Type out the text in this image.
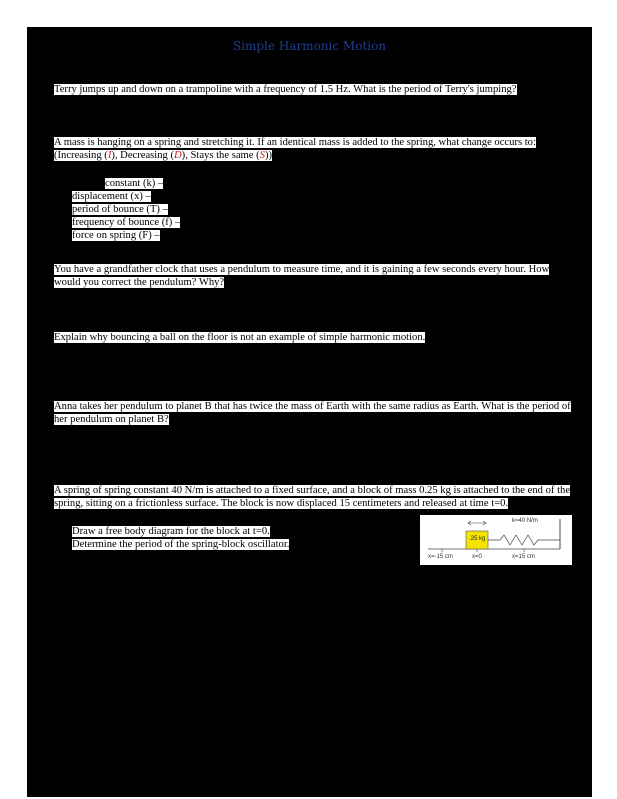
Simple Harmonic Motion
Terry jumps up and down on a trampoline with a frequency of 1.5 Hz. What is the period of Terry's jumping?
A mass is hanging on a spring and stretching it. If an identical mass is added to the spring, what change occurs to: (Increasing (I), Decreasing (D), Stays the same (S))
constant (k) –
displacement (x) –
period of bounce (T) –
frequency of bounce (f) –
force on spring (F) –
You have a grandfather clock that uses a pendulum to measure time, and it is gaining a few seconds every hour. How would you correct the pendulum? Why?
Explain why bouncing a ball on the floor is not an example of simple harmonic motion.
Anna takes her pendulum to planet B that has twice the mass of Earth with the same radius as Earth. What is the period of her pendulum on planet B?
A spring of spring constant 40 N/m is attached to a fixed surface, and a block of mass 0.25 kg is attached to the end of the spring, sitting on a frictionless surface. The block is now displaced 15 centimeters and released at time t=0.
Draw a free body diagram for the block at t=0.
Determine the period of the spring-block oscillator.	.25 kg
k=40 N/m
x=-15 cm	x=0	x=15 cm
